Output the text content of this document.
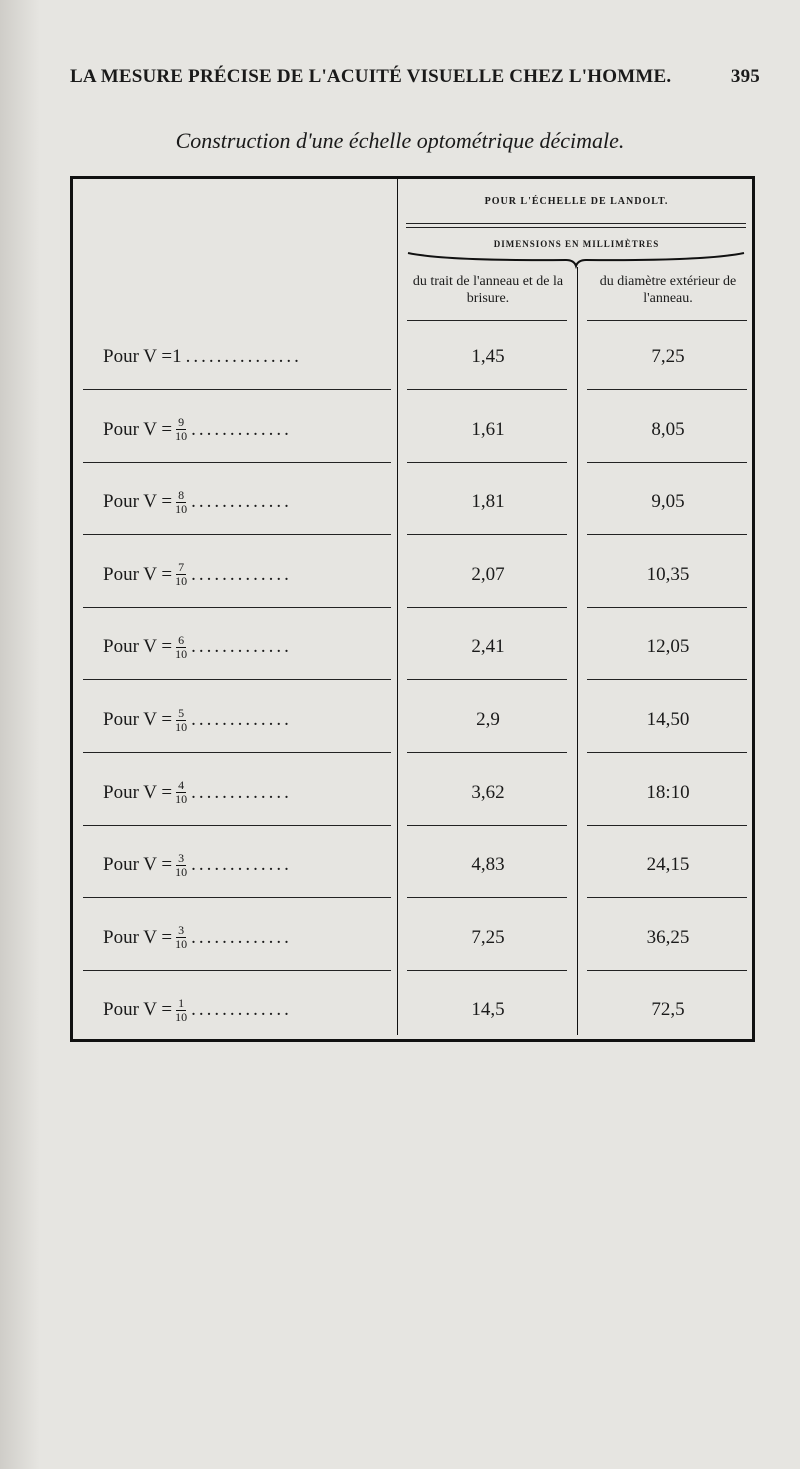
LA MESURE PRÉCISE DE L'ACUITÉ VISUELLE CHEZ L'HOMME.	395
Construction d'une échelle optométrique décimale.
POUR L'ÉCHELLE DE LANDOLT.
DIMENSIONS EN MILLIMÈTRES
du trait de l'anneau et de la brisure.
du diamètre extérieur de l'anneau.
Pour V = 1 ...............	1,45	7,25
Pour $V = \frac{9}{10}$ .............	1,61	8,05
Pour $V = \frac{8}{10}$ .............	1,81	9,05
Pour $V = \frac{7}{10}$ .............	2,07	10,35
Pour $V = \frac{6}{10}$ .............	2,41	12,05
Pour $V = \frac{5}{10}$ .............	2,9	14,50
Pour $V = \frac{4}{10}$ .............	3,62	18:10
Pour $V = \frac{3}{10}$ .............	4,83	24,15
Pour $V = \frac{3}{10}$ .............	7,25	36,25
Pour $V = \frac{1}{10}$ .............	14,5	72,5
